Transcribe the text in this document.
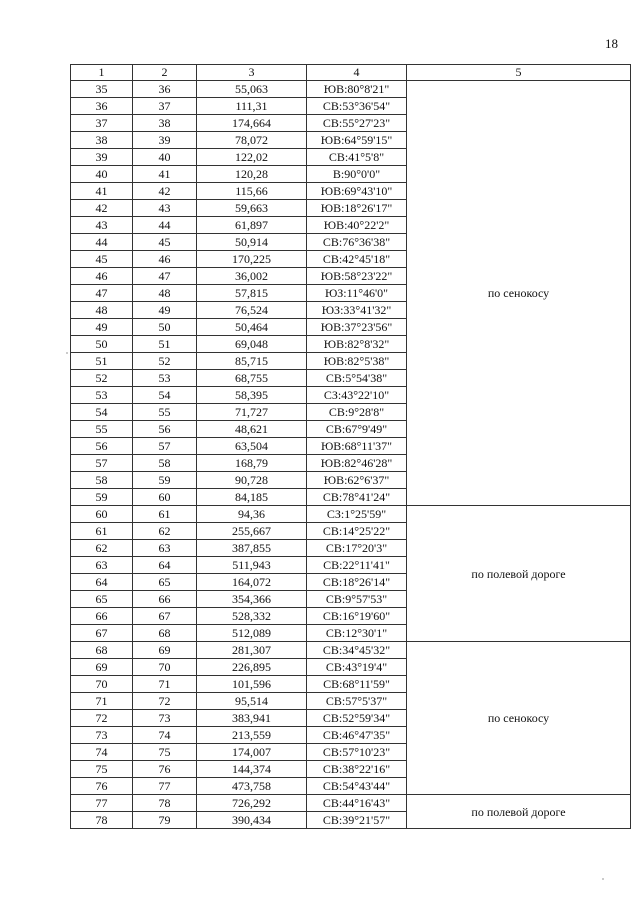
18
1	2	3	4	5
35	36	55,063	ЮВ:80°8'21"	по сенокосу
36	37	111,31	СВ:53°36'54"	
37	38	174,664	СВ:55°27'23"	
38	39	78,072	ЮВ:64°59'15"	
39	40	122,02	СВ:41°5'8"	
40	41	120,28	В:90°0'0"	
41	42	115,66	ЮВ:69°43'10"	
42	43	59,663	ЮВ:18°26'17"	
43	44	61,897	ЮВ:40°22'2"	
44	45	50,914	СВ:76°36'38"	
45	46	170,225	СВ:42°45'18"	
46	47	36,002	ЮВ:58°23'22"	
47	48	57,815	ЮЗ:11°46'0"	
48	49	76,524	ЮЗ:33°41'32"	
49	50	50,464	ЮВ:37°23'56"	
50	51	69,048	ЮВ:82°8'32"	
51	52	85,715	ЮВ:82°5'38"	
52	53	68,755	СВ:5°54'38"	
53	54	58,395	СЗ:43°22'10"	
54	55	71,727	СВ:9°28'8"	
55	56	48,621	СВ:67°9'49"	
56	57	63,504	ЮВ:68°11'37"	
57	58	168,79	ЮВ:82°46'28"	
58	59	90,728	ЮВ:62°6'37"	
59	60	84,185	СВ:78°41'24"	
60	61	94,36	СЗ:1°25'59"	по полевой дороге
61	62	255,667	СВ:14°25'22"	
62	63	387,855	СВ:17°20'3"	
63	64	511,943	СВ:22°11'41"	
64	65	164,072	СВ:18°26'14"	
65	66	354,366	СВ:9°57'53"	
66	67	528,332	СВ:16°19'60"	
67	68	512,089	СВ:12°30'1"	
68	69	281,307	СВ:34°45'32"	по сенокосу
69	70	226,895	СВ:43°19'4"	
70	71	101,596	СВ:68°11'59"	
71	72	95,514	СВ:57°5'37"	
72	73	383,941	СВ:52°59'34"	
73	74	213,559	СВ:46°47'35"	
74	75	174,007	СВ:57°10'23"	
75	76	144,374	СВ:38°22'16"	
76	77	473,758	СВ:54°43'44"	
77	78	726,292	СВ:44°16'43"	по полевой дороге
78	79	390,434	СВ:39°21'57"	
